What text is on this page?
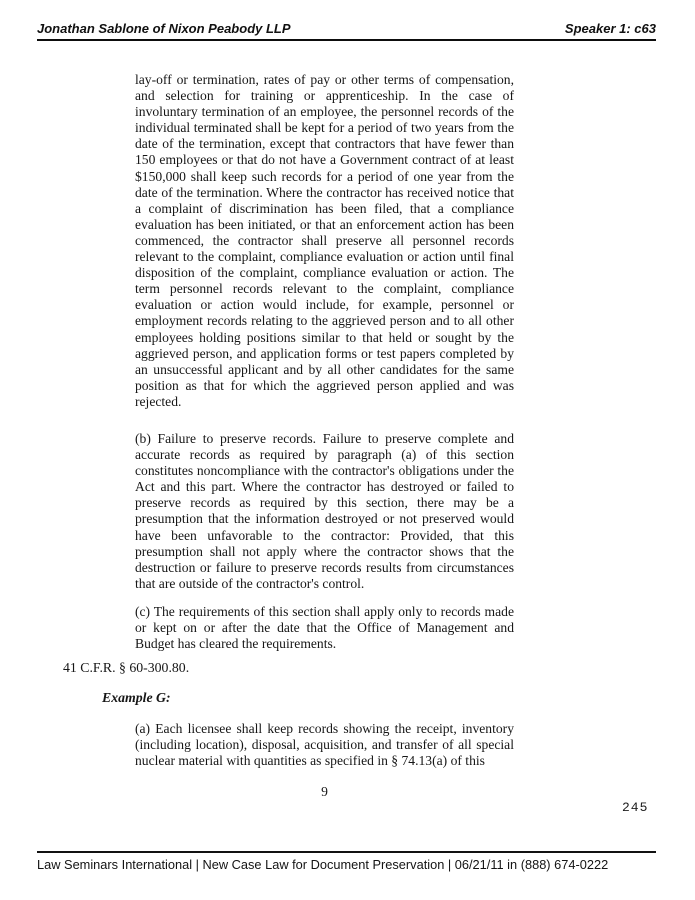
Jonathan Sablone of Nixon Peabody LLP	Speaker 1: c63

lay-off or termination, rates of pay or other terms of compensation, and selection for training or apprenticeship. In the case of involuntary termination of an employee, the personnel records of the individual terminated shall be kept for a period of two years from the date of the termination, except that contractors that have fewer than 150 employees or that do not have a Government contract of at least $150,000 shall keep such records for a period of one year from the date of the termination. Where the contractor has received notice that a complaint of discrimination has been filed, that a compliance evaluation has been initiated, or that an enforcement action has been commenced, the contractor shall preserve all personnel records relevant to the complaint, compliance evaluation or action until final disposition of the complaint, compliance evaluation or action. The term personnel records relevant to the complaint, compliance evaluation or action would include, for example, personnel or employment records relating to the aggrieved person and to all other employees holding positions similar to that held or sought by the aggrieved person, and application forms or test papers completed by an unsuccessful applicant and by all other candidates for the same position as that for which the aggrieved person applied and was rejected.

(b) Failure to preserve records. Failure to preserve complete and accurate records as required by paragraph (a) of this section constitutes noncompliance with the contractor's obligations under the Act and this part. Where the contractor has destroyed or failed to preserve records as required by this section, there may be a presumption that the information destroyed or not preserved would have been unfavorable to the contractor: Provided, that this presumption shall not apply where the contractor shows that the destruction or failure to preserve records results from circumstances that are outside of the contractor's control.

(c) The requirements of this section shall apply only to records made or kept on or after the date that the Office of Management and Budget has cleared the requirements.

41 C.F.R. § 60-300.80.

Example G:

(a) Each licensee shall keep records showing the receipt, inventory (including location), disposal, acquisition, and transfer of all special nuclear material with quantities as specified in § 74.13(a) of this

9
245
Law Seminars International | New Case Law for Document Preservation | 06/21/11 in (888) 674-0222
